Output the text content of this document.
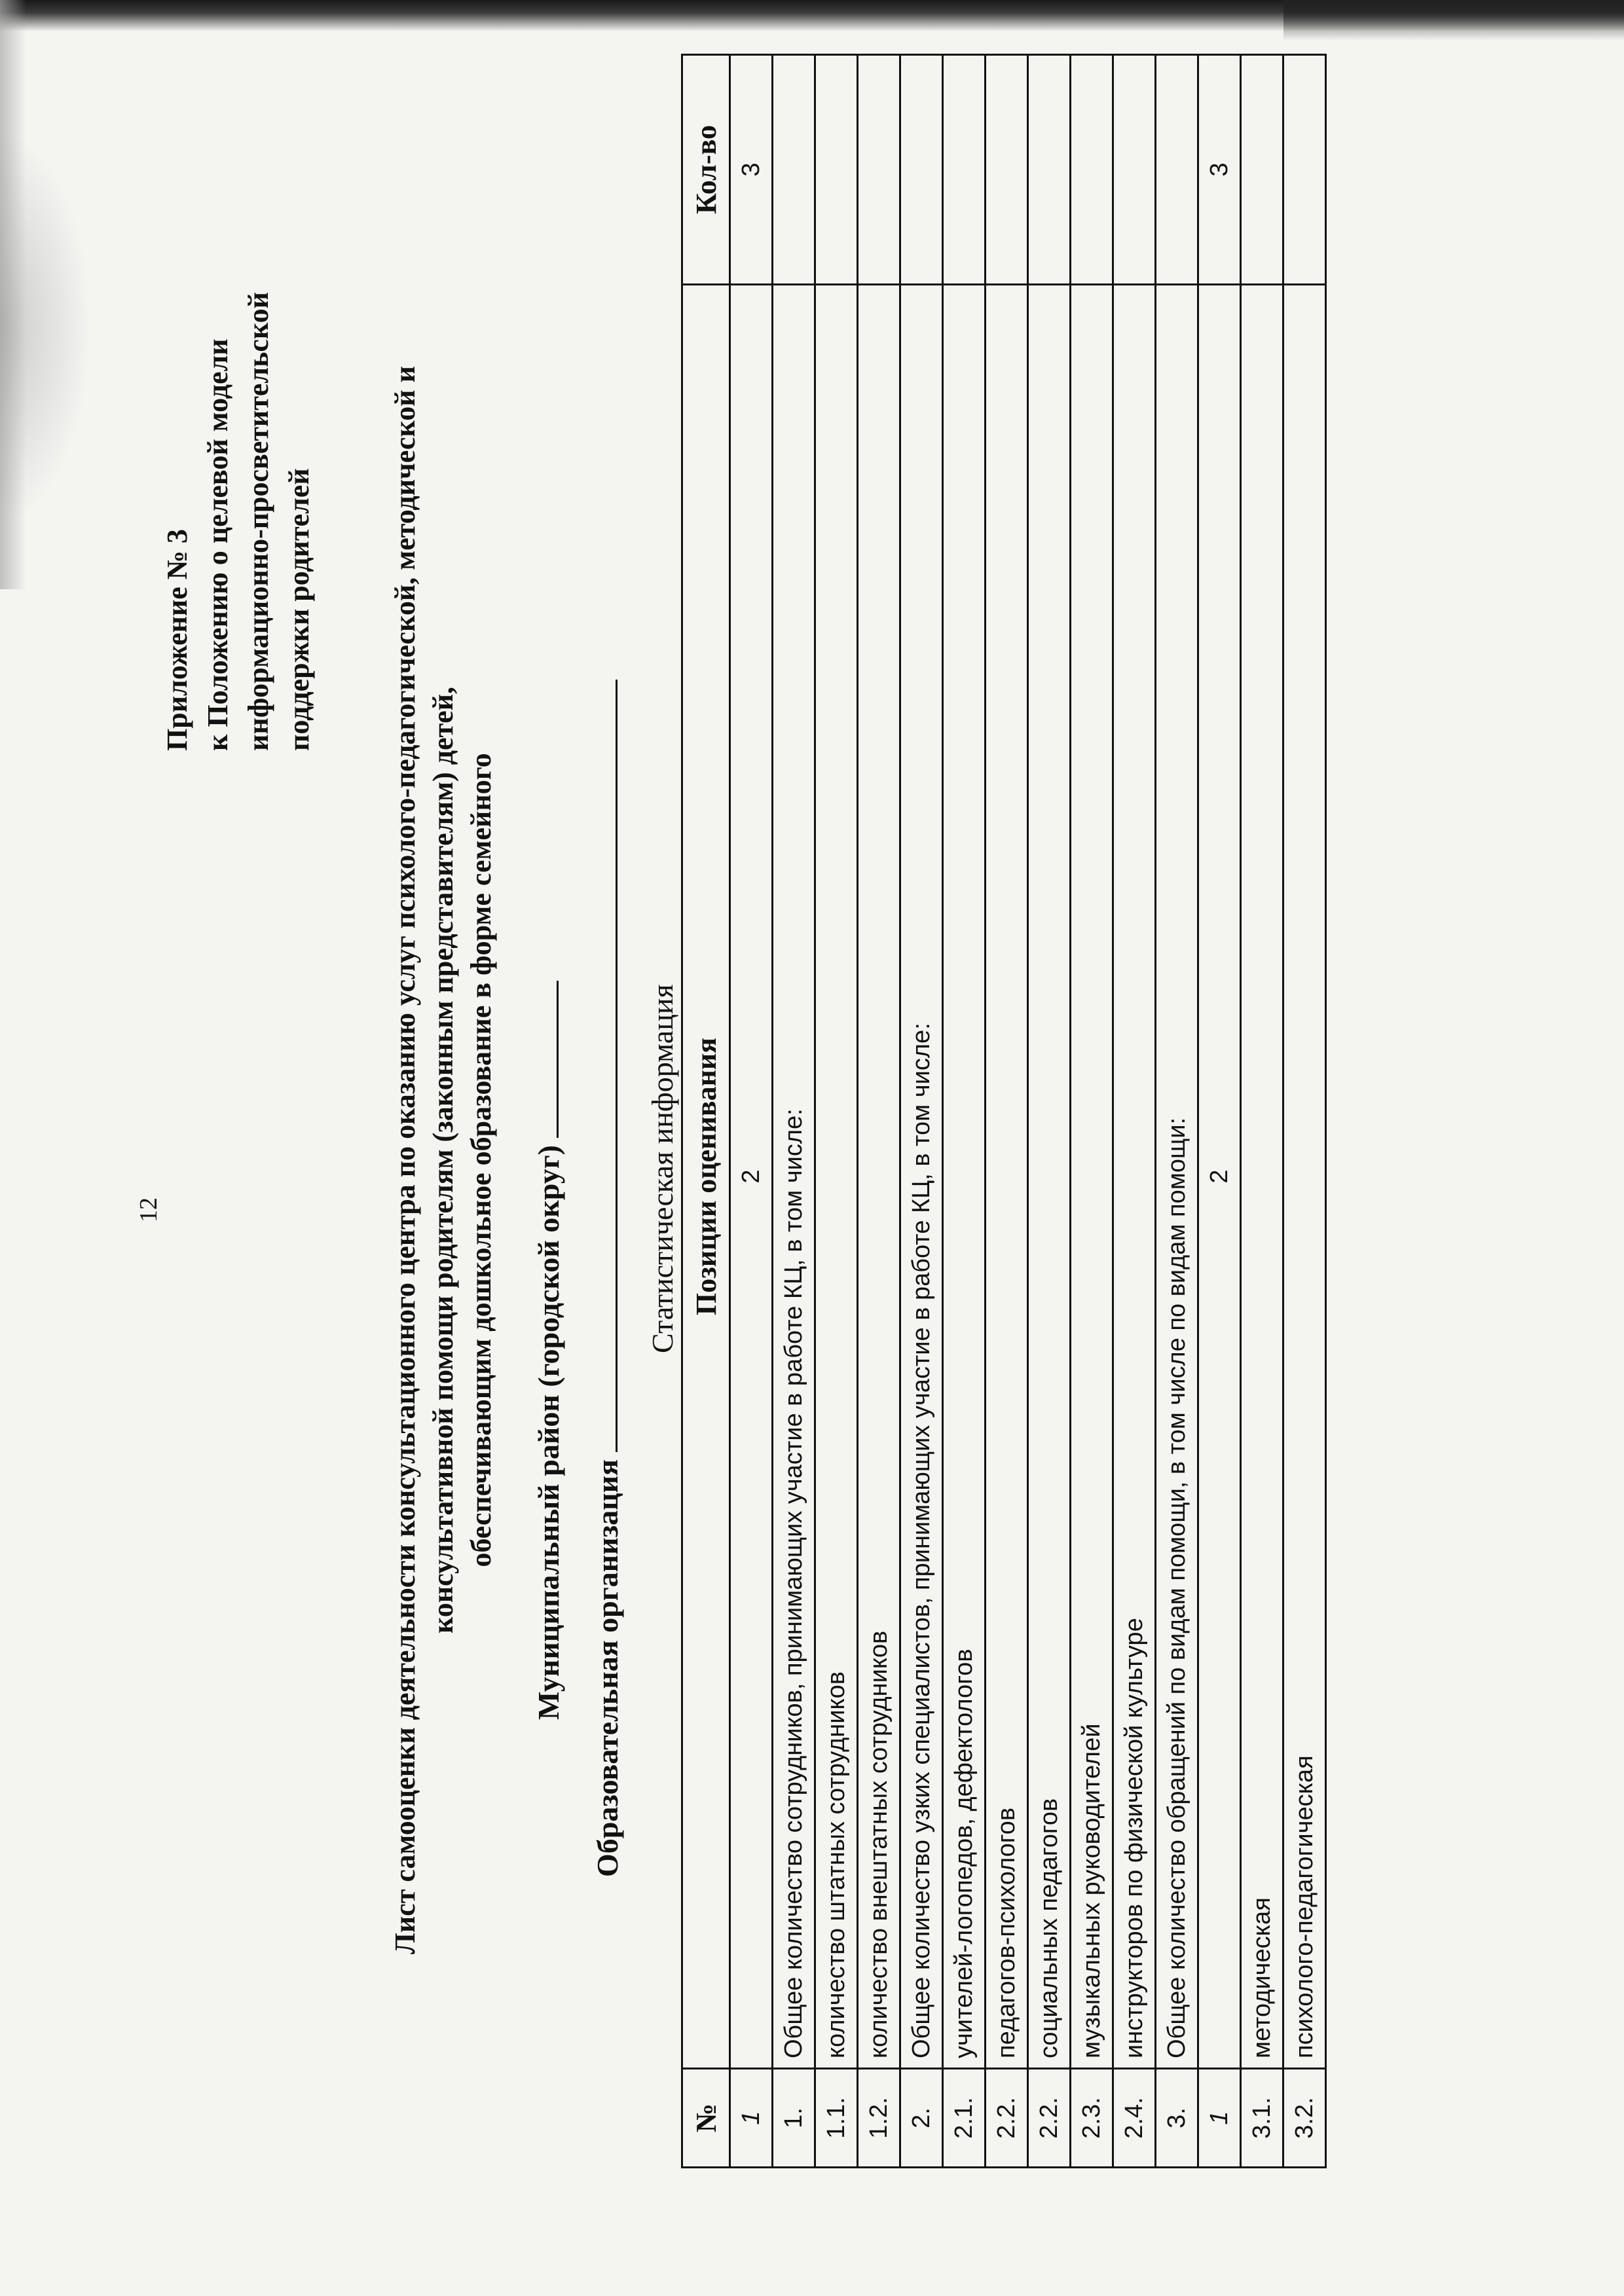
12
Приложение № 3 к Положению о целевой модели информационно-просветительской поддержки родителей	Лист самооценки деятельности консультационного центра по оказанию услуг психолого-педагогической, методической и консультативной помощи родителям (законным представителям) детей, обеспечивающим дошкольное образование в форме семейного Муниципальный район (городской округ) Образовательная организация
Статистическая информация
№	Позиции оценивания	Кол-во
1	2	3
1.	Общее количество сотрудников, принимающих участие в работе КЦ, в том числе:	
1.1.	количество штатных сотрудников	
1.2.	количество внештатных сотрудников	
2.	Общее количество узких специалистов, принимающих участие в работе КЦ, в том числе:	
2.1.	учителей-логопедов, дефектологов	
2.2.	педагогов-психологов	
2.2.	социальных педагогов	
2.3.	музыкальных руководителей	
2.4.	инструкторов по физической культуре	
3.	Общее количество обращений по видам помощи, в том числе по видам помощи:	
1	2	3
3.1.	методическая	
3.2.	психолого-педагогическая	
